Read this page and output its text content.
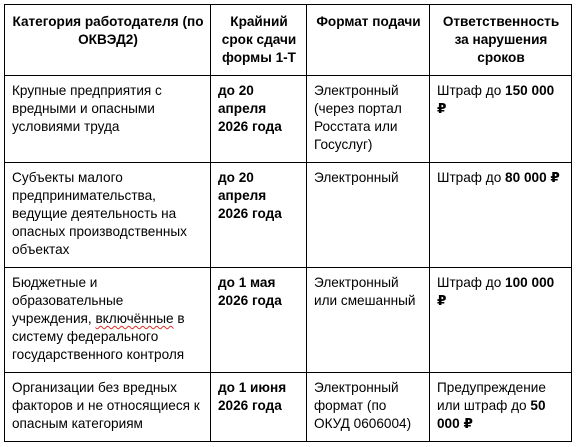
Категория работодателя (по ОКВЭД2)	Крайний срок сдачи формы 1-Т	Формат подачи	Ответственность за нарушения сроков
Крупные предприятия с вредными и опасными условиями труда	до 20 апреля 2026 года	Электронный (через портал Росстата или Госуслуг)	Штраф до 150 000 ₽
Субъекты малого предпринимательства, ведущие деятельность на опасных производственных объектах	до 20 апреля 2026 года	Электронный	Штраф до 80 000 ₽
Бюджетные и образовательные учреждения, включённые в систему федерального государственного контроля	до 1 мая 2026 года	Электронный или смешанный	Штраф до 100 000 ₽
Организации без вредных факторов и не относящиеся к опасным категориям	до 1 июня 2026 года	Электронный формат (по ОКУД 0606004)	Предупреждение или штраф до 50 000 ₽
